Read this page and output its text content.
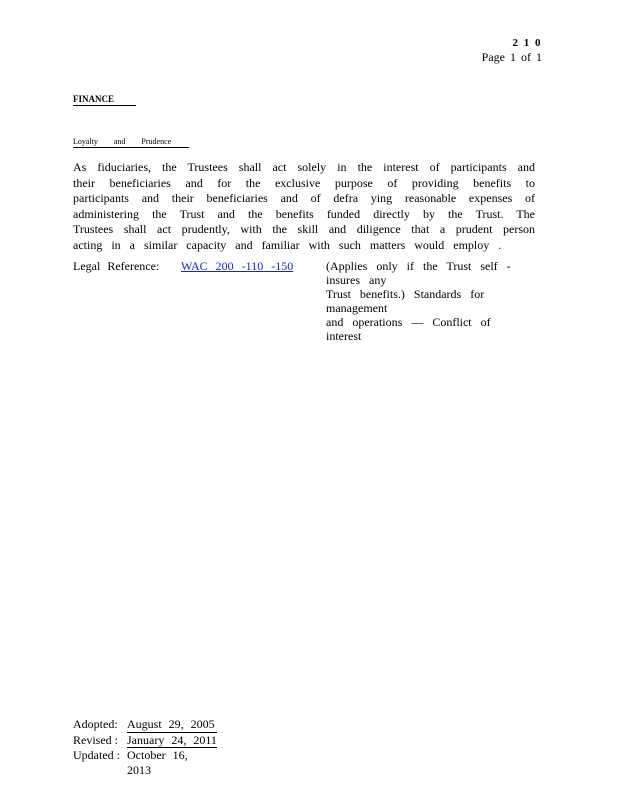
2 1 0
Page 1 of 1
FINANCE
Loyalty and Prudence

As fiduciaries, the Trustees shall act solely in the interest of participants and their beneficiaries and for the exclusive purpose of providing benefits to participants and their beneficiaries and of defra ying reasonable expenses of administering the Trust and the benefits funded directly by the Trust. The Trustees shall act prudently, with the skill and diligence that a prudent person acting in a similar capacity and familiar with such matters would employ .

Legal Reference: WAC 200 -110 -150	(Applies only if the Trust self -insures any

Trust benefits.) Standards for management

and operations — Conflict of interest

Adopted: August 29, 2005
Revised : January 24, 2011
Updated : October 16, 2013
